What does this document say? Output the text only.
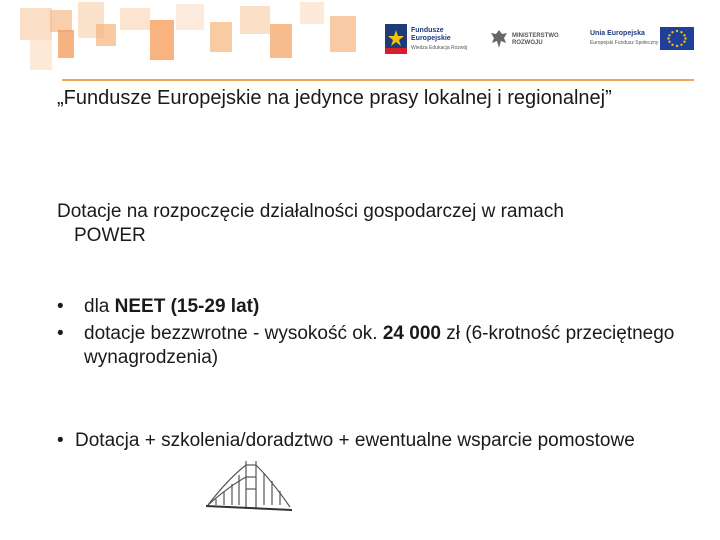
Fundusze
Europejskie
Wiedza Edukacja Rozwój
MINISTERSTWO
ROZWOJU
Unia Europejska
Europejski Fundusz Społeczny
„Fundusze Europejskie na jedynce prasy lokalnej i regionalnej”
Dotacje na rozpoczęcie działalności gospodarczej w ramach
POWER
• dla NEET (15-29 lat)
• dotacje bezzwrotne - wysokość ok. 24 000 zł (6-krotność przeciętnego wynagrodzenia)
• Dotacja + szkolenia/doradztwo + ewentualne wsparcie pomostowe
